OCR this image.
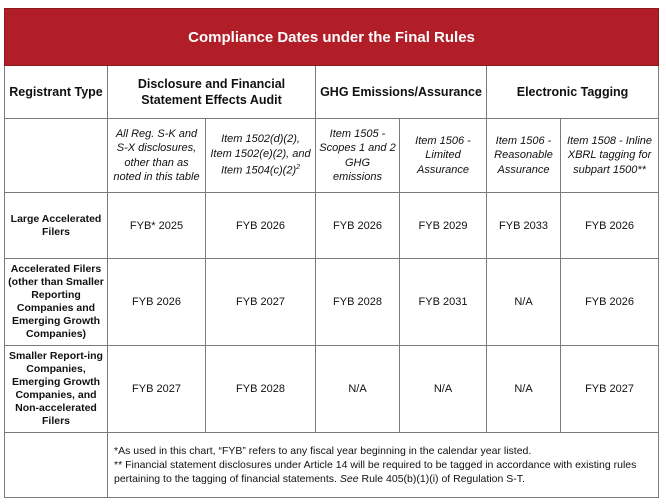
Compliance Dates under the Final Rules						
Registrant Type	Disclosure and Financial Statement Effects Audit		GHG Emissions/Assurance		Electronic Tagging	
	All Reg. S-K and S-X disclosures, other than as noted in this table	Item 1502(d)(2), Item 1502(e)(2), and Item $1504(c)(2)^2$	Item 1505 - Scopes 1 and 2 GHG emissions	Item 1506 - Limited Assurance	Item 1506 - Reasonable Assurance	Item 1508 - Inline XBRL tagging for subpart 1500**
Large Accelerated Filers	FYB* 2025	FYB 2026	FYB 2026	FYB 2029	FYB 2033	FYB 2026
Accelerated Filers (other than Smaller Reporting Companies and Emerging Growth Companies)	FYB 2026	FYB 2027	FYB 2028	FYB 2031	N/A	FYB 2026
Smaller Report-ing Companies, Emerging Growth Companies, and Non-accelerated Filers	FYB 2027	FYB 2028	N/A	N/A	N/A	FYB 2027

	*As used in this chart, “FYB” refers to any fiscal year beginning in the calendar year listed.
** Financial statement disclosures under Article 14 will be required to be tagged in accordance with existing rules pertaining to the tagging of financial statements. See Rule 405(b)(1)(i) of Regulation S-T.					
